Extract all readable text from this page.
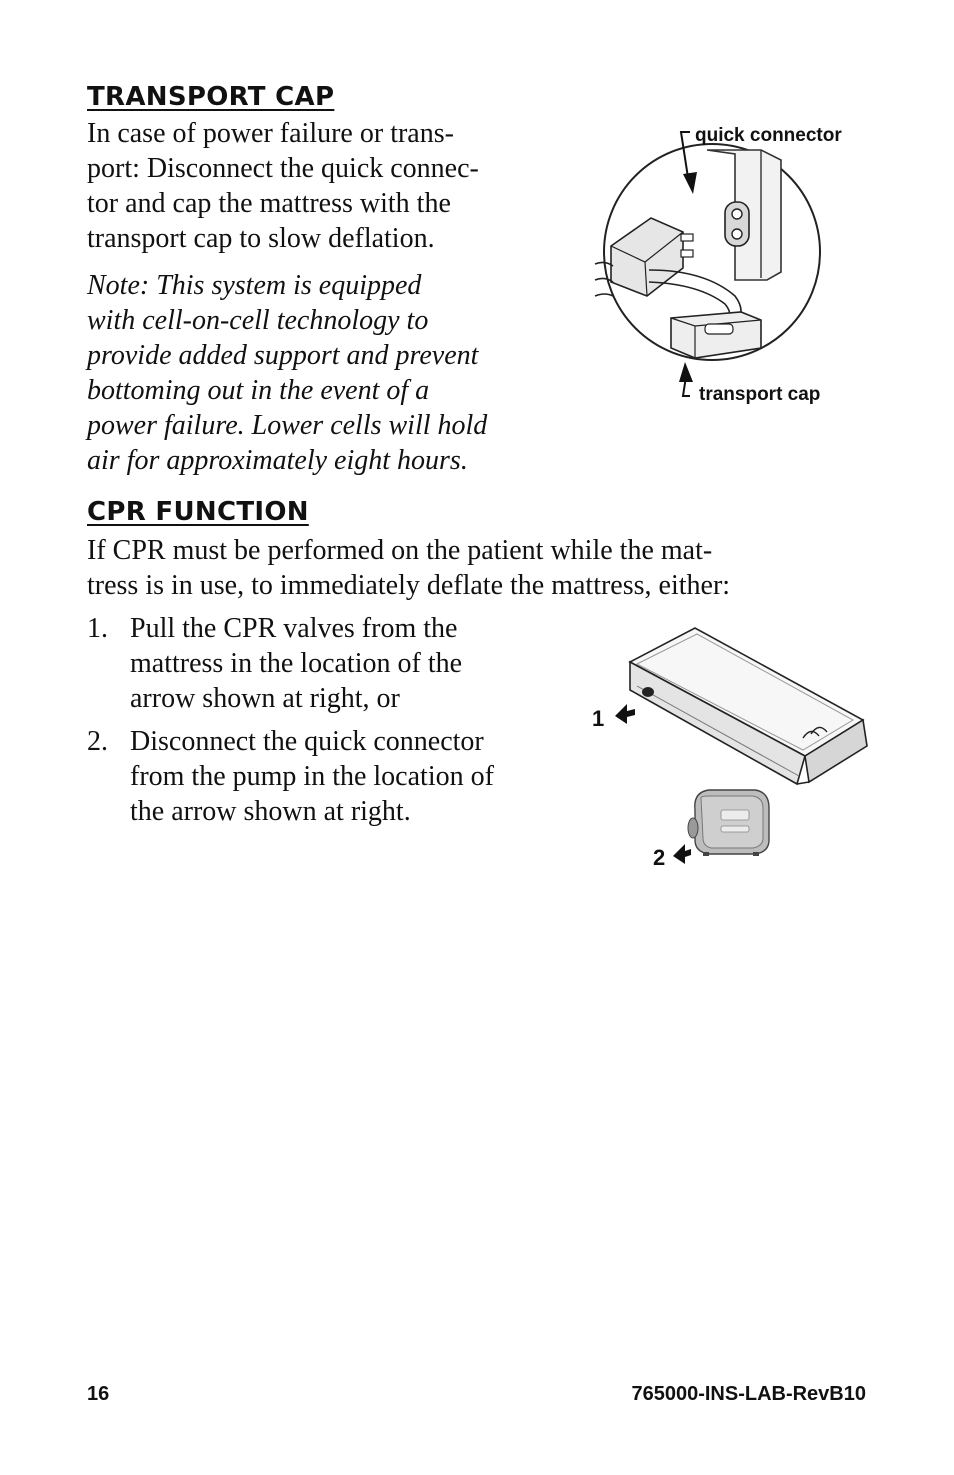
TRANSPORT CAP
In case of power failure or trans-
port: Disconnect the quick connec-
tor and cap the mattress with the
transport cap to slow deflation.
Note: This system is equipped
with cell-on-cell technology to
provide added support and prevent
bottoming out in the event of a
power failure. Lower cells will hold
air for approximately eight hours.
quick connector
transport cap
CPR FUNCTION
If CPR must be performed on the patient while the mat-
tress is in use, to immediately deflate the mattress, either:
1. Pull the CPR valves from the
mattress in the location of the
arrow shown at right, or
2. Disconnect the quick connector
from the pump in the location of
the arrow shown at right.
1
2
16	765000-INS-LAB-RevB10
